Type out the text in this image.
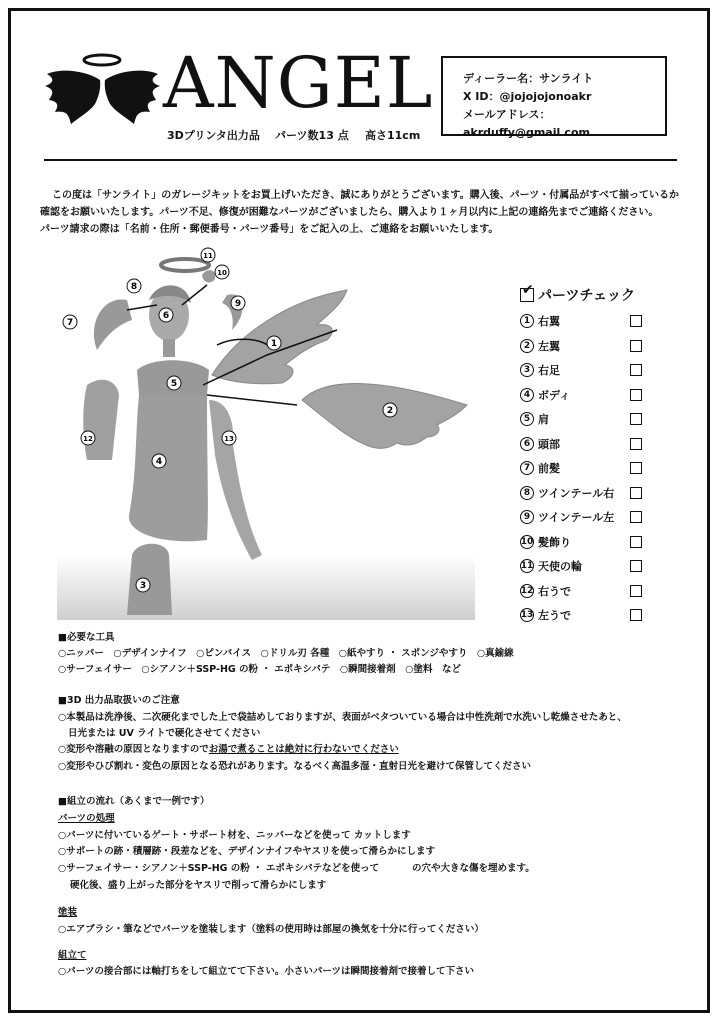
ANGEL
3Dプリンタ出力品 パーツ数13 点 高さ11cm
ディーラー名：サンライト
X ID：@jojojojonoakr
メールアドレス：akrduffy@gmail.com
この度は「サンライト」のガレージキットをお買上げいただき、誠にありがとうございます。購入後、パーツ・付属品がすべて揃っているか
確認をお願いいたします。パーツ不足、修復が困難なパーツがございましたら、購入より１ヶ月以内に上記の連絡先までご連絡ください。
パーツ請求の際は「名前・住所・郵便番号・パーツ番号」をご記入の上、ご連絡をお願いいたします。
1
2
3
4
5
6
7
8
9
10
11
12	13
✔
パーツチェック
1 右翼
2 左翼
3 右足
4 ボディ
5 肩
6 頭部
7 前髪
8 ツインテール右
9 ツインテール左
10 髪飾り
11 天使の輪
12 右うで
13 左うで
■必要な工具
○ニッパー　○デザインナイフ　○ピンバイス　○ドリル刃 各種　○紙やすり ・ スポンジやすり　○真鍮線
○サーフェイサー　○シアノン＋SSP-HG の粉 ・ エポキシパテ　○瞬間接着剤　○塗料　など
■3D 出力品取扱いのご注意
○本製品は洗浄後、二次硬化までした上で袋詰めしておりますが、表面がベタついている場合は中性洗剤で水洗いし乾燥させたあと、
日光または UV ライトで硬化させてください
○変形や溶融の原因となりますのでお湯で煮ることは絶対に行わないでください
○変形やひび割れ・変色の原因となる恐れがあります。なるべく高温多湿・直射日光を避けて保管してください
■組立の流れ（あくまで一例です）
パーツの処理
○パーツに付いているゲート・サポート材を、ニッパーなどを使って カットします
○サポートの跡・積層跡・段差などを、デザインナイフやヤスリを使って滑らかにします
○サーフェイサー・シアノン＋SSP-HG の粉 ・ エポキシパテなどを使って	の穴や大きな傷を埋めます。
硬化後、盛り上がった部分をヤスリで削って滑らかにします
塗装
○エアブラシ・筆などでパーツを塗装します（塗料の使用時は部屋の換気を十分に行ってください）
組立て
○パーツの接合部には軸打ちをして組立てて下さい。小さいパーツは瞬間接着剤で接着して下さい
